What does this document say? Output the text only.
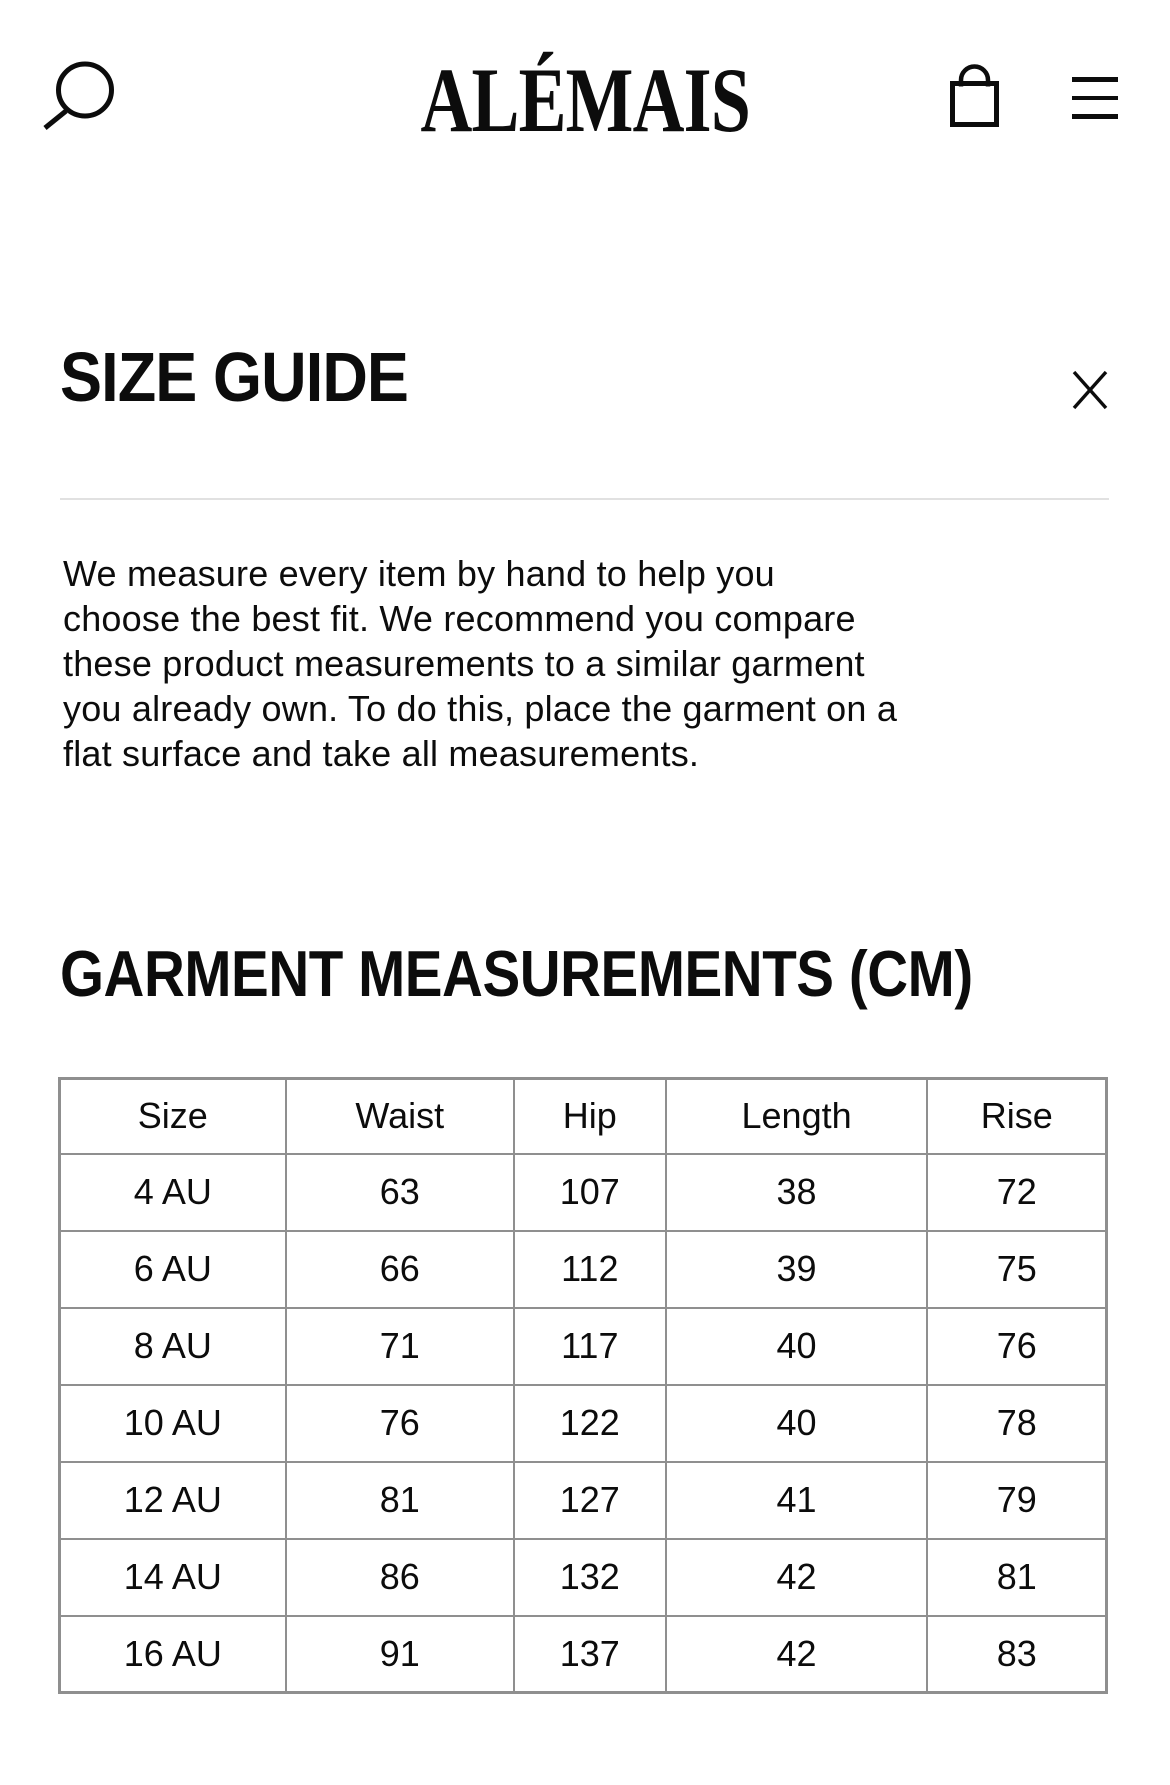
ALÉMAIS
SIZE GUIDE
We measure every item by hand to help you
choose the best fit. We recommend you compare
these product measurements to a similar garment
you already own. To do this, place the garment on a
flat surface and take all measurements.
GARMENT MEASUREMENTS (CM)
Size	Waist	Hip	Length	Rise
4 AU	63	107	38	72
6 AU	66	112	39	75
8 AU	71	117	40	76
10 AU	76	122	40	78
12 AU	81	127	41	79
14 AU	86	132	42	81
16 AU	91	137	42	83
